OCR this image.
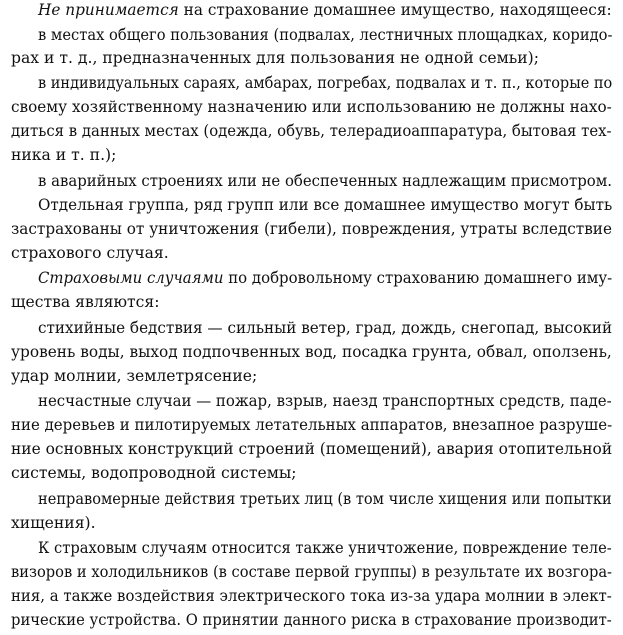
Не принимается на страхование домашнее имущество, находящееся:
в местах общего пользования (подвалах, лестничных площадках, коридо-
рах и т. д., предназначенных для пользования не одной семьи);
в индивидуальных сараях, амбарах, погребах, подвалах и т. п., которые по
своему хозяйственному назначению или использованию не должны нахо-
диться в данных местах (одежда, обувь, телерадиоаппаратура, бытовая тех-
ника и т. п.);
в аварийных строениях или не обеспеченных надлежащим присмотром.
Отдельная группа, ряд групп или все домашнее имущество могут быть
застрахованы от уничтожения (гибели), повреждения, утраты вследствие
страхового случая.
Страховыми случаями по добровольному страхованию домашнего иму-
щества являются:
стихийные бедствия — сильный ветер, град, дождь, снегопад, высокий
уровень воды, выход подпочвенных вод, посадка грунта, обвал, оползень,
удар молнии, землетрясение;
несчастные случаи — пожар, взрыв, наезд транспортных средств, паде-
ние деревьев и пилотируемых летательных аппаратов, внезапное разруше-
ние основных конструкций строений (помещений), авария отопительной
системы, водопроводной системы;
неправомерные действия третьих лиц (в том числе хищения или попытки
хищения).
К страховым случаям относится также уничтожение, повреждение теле-
визоров и холодильников (в составе первой группы) в результате их возгора-
ния, а также воздействия электрического тока из-за удара молнии в элект-
рические устройства. О принятии данного риска в страхование производит-
